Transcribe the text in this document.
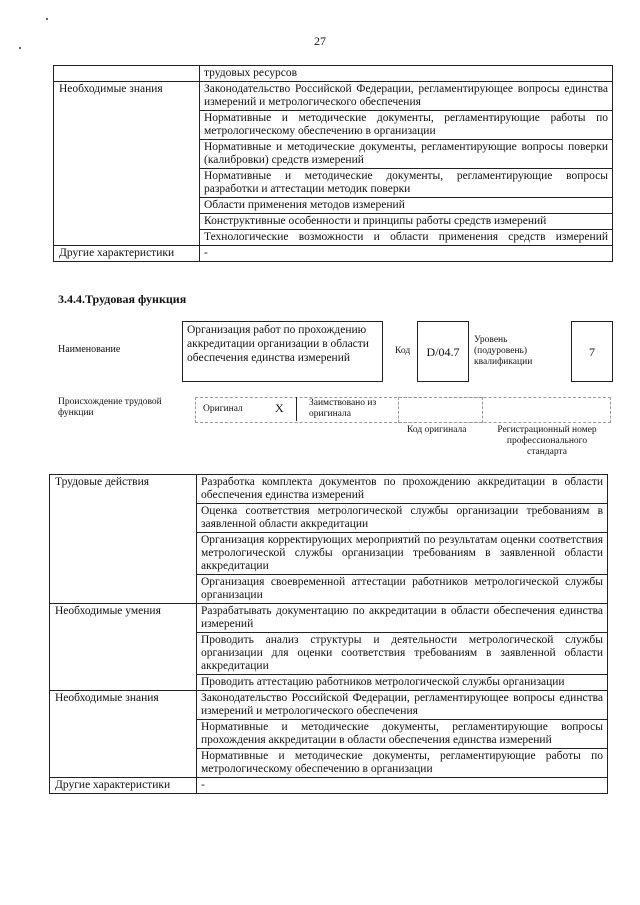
27
	трудовых ресурсов
Необходимые знания	Законодательство Российской Федерации, регламентирующее вопросы единства измерений и метрологического обеспечения
	Нормативные и методические документы, регламентирующие работы по метрологическому обеспечению в организации
	Нормативные и методические документы, регламентирующие вопросы поверки (калибровки) средств измерений
	Нормативные и методические документы, регламентирующие вопросы разработки и аттестации методик поверки
	Области применения методов измерений
	Конструктивные особенности и принципы работы средств измерений
	Технологические возможности и области применения средств измерений
Другие характеристики	-
3.4.4.Трудовая функция
Наименование
Организация работ по прохождению аккредитации организации в области обеспечения единства измерений
Код	D/04.7
Уровень (подуровень) квалификации
7
Происхождение трудовой функции	Оригинал	X	Заимствовано из оригинала
Код оригинала	Регистрационный номер профессионального стандарта
Трудовые действия	Разработка комплекта документов по прохождению аккредитации в области обеспечения единства измерений
	Оценка соответствия метрологической службы организации требованиям в заявленной области аккредитации
	Организация корректирующих мероприятий по результатам оценки соответствия метрологической службы организации требованиям в заявленной области аккредитации
	Организация своевременной аттестации работников метрологической службы организации
Необходимые умения	Разрабатывать документацию по аккредитации в области обеспечения единства измерений
	Проводить анализ структуры и деятельности метрологической службы организации для оценки соответствия требованиям в заявленной области аккредитации
	Проводить аттестацию работников метрологической службы организации
Необходимые знания	Законодательство Российской Федерации, регламентирующее вопросы единства измерений и метрологического обеспечения
	Нормативные и методические документы, регламентирующие вопросы прохождения аккредитации в области обеспечения единства измерений
	Нормативные и методические документы, регламентирующие работы по метрологическому обеспечению в организации
Другие характеристики	-
